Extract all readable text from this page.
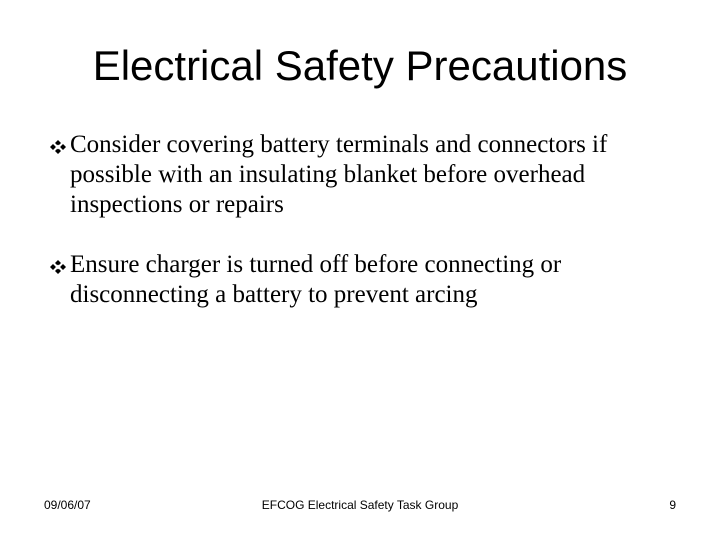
Electrical Safety Precautions
Consider covering battery terminals and connectors if possible with an insulating blanket before overhead inspections or repairs
Ensure charger is turned off before connecting or disconnecting a battery to prevent arcing
09/06/07	EFCOG Electrical Safety Task Group	9
